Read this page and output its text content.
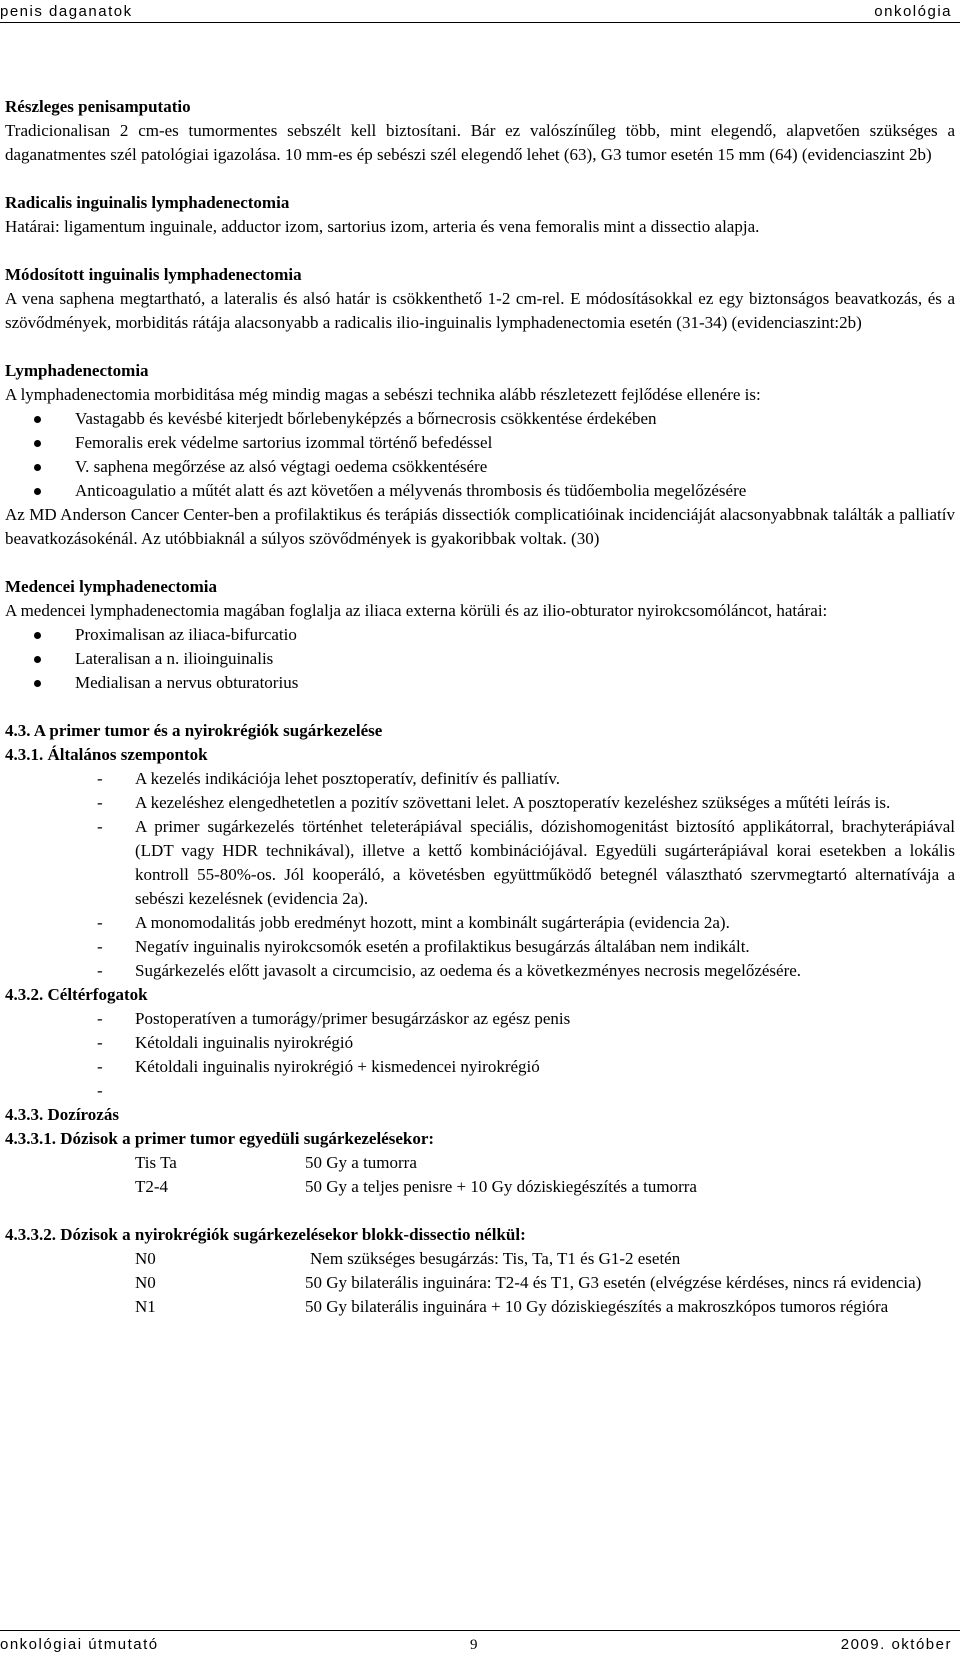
penis daganatok	onkológia

Részleges penisamputatio

Tradicionalisan 2 cm-es tumormentes sebszélt kell biztosítani. Bár ez valószínűleg több, mint elegendő, alapvetően szükséges a daganatmentes szél patológiai igazolása. 10 mm-es ép sebészi szél elegendő lehet (63), G3 tumor esetén 15 mm (64) (evidenciaszint 2b)

Radicalis inguinalis lymphadenectomia

Határai: ligamentum inguinale, adductor izom, sartorius izom, arteria és vena femoralis mint a dissectio alapja.

Módosított inguinalis lymphadenectomia

A vena saphena megtartható, a lateralis és alsó határ is csökkenthető 1-2 cm-rel. E módosításokkal ez egy biztonságos beavatkozás, és a szövődmények, morbiditás rátája alacsonyabb a radicalis ilio-inguinalis lymphadenectomia esetén (31-34) (evidenciaszint:2b)

Lymphadenectomia

A lymphadenectomia morbiditása még mindig magas a sebészi technika alább részletezett fejlődése ellenére is:

Vastagabb és kevésbé kiterjedt bőrlebenyképzés a bőrnecrosis csökkentése érdekében
Femoralis erek védelme sartorius izommal történő befedéssel
V. saphena megőrzése az alsó végtagi oedema csökkentésére
Anticoagulatio a műtét alatt és azt követően a mélyvenás thrombosis és tüdőembolia megelőzésére

Az MD Anderson Cancer Center-ben a profilaktikus és terápiás dissectiók complicatióinak incidenciáját alacsonyabbnak találták a palliatív beavatkozásokénál. Az utóbbiaknál a súlyos szövődmények is gyakoribbak voltak. (30)

Medencei lymphadenectomia

A medencei lymphadenectomia magában foglalja az iliaca externa körüli és az ilio-obturator nyirokcsomóláncot, határai:

Proximalisan az iliaca-bifurcatio
Lateralisan a n. ilioinguinalis
Medialisan a nervus obturatorius

4.3. A primer tumor és a nyirokrégiók sugárkezelése

4.3.1. Általános szempontok

- A kezelés indikációja lehet posztoperatív, definitív és palliatív.
- A kezeléshez elengedhetetlen a pozitív szövettani lelet. A posztoperatív kezeléshez szükséges a műtéti leírás is.
- A primer sugárkezelés történhet teleterápiával speciális, dózishomogenitást biztosító applikátorral, brachyterápiával (LDT vagy HDR technikával), illetve a kettő kombinációjával. Egyedüli sugárterápiával korai esetekben a lokális kontroll 55-80%-os. Jól kooperáló, a követésben együttműködő betegnél választható szervmegtartó alternatívája a sebészi kezelésnek (evidencia 2a).
- A monomodalitás jobb eredményt hozott, mint a kombinált sugárterápia (evidencia 2a).
- Negatív inguinalis nyirokcsomók esetén a profilaktikus besugárzás általában nem indikált.
- Sugárkezelés előtt javasolt a circumcisio, az oedema és a következményes necrosis megelőzésére.

4.3.2. Céltérfogatok

- Postoperatíven a tumorágy/primer besugárzáskor az egész penis
- Kétoldali inguinalis nyirokrégió
- Kétoldali inguinalis nyirokrégió + kismedencei nyirokrégió
-

4.3.3. Dozírozás

4.3.3.1. Dózisok a primer tumor egyedüli sugárkezelésekor:

Tis Ta	50 Gy a tumorra
T2-4	50 Gy a teljes penisre + 10 Gy dóziskiegészítés a tumorra

4.3.3.2. Dózisok a nyirokrégiók sugárkezelésekor blokk-dissectio nélkül:

N0	Nem szükséges besugárzás: Tis, Ta, T1 és G1-2 esetén
N0	50 Gy bilaterális inguinára: T2-4 és T1, G3 esetén (elvégzése kérdéses, nincs rá evidencia)
N1	50 Gy bilaterális inguinára + 10 Gy dóziskiegészítés a makroszkópos tumoros régióra
onkológiai útmutató	9	2009. október
